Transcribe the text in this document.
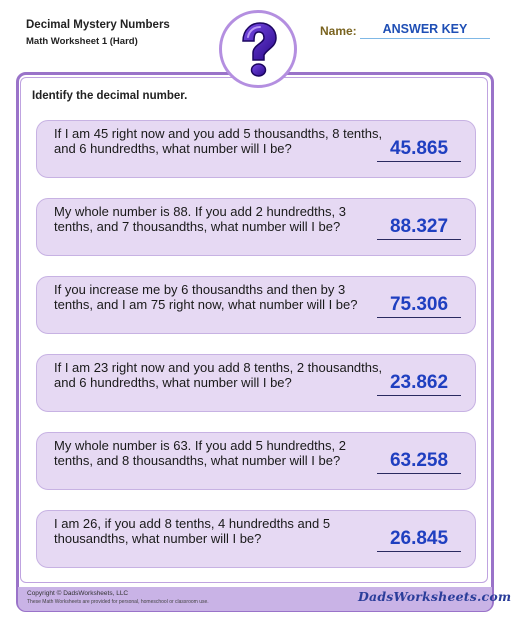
Decimal Mystery Numbers
Math Worksheet 1 (Hard)
Name:	ANSWER KEY
Identify the decimal number.
If I am 45 right now and you add 5 thousandths, 8 tenths, and 6 hundredths, what number will I be?	45.865
My whole number is 88. If you add 2 hundredths, 3 tenths, and 7 thousandths, what number will I be?	88.327
If you increase me by 6 thousandths and then by 3 tenths, and I am 75 right now, what number will I be?	75.306
If I am 23 right now and you add 8 tenths, 2 thousandths, and 6 hundredths, what number will I be?	23.862
My whole number is 63. If you add 5 hundredths, 2 tenths, and 8 thousandths, what number will I be?	63.258
I am 26, if you add 8 tenths, 4 hundredths and 5 thousandths, what number will I be?	26.845
Copyright © DadsWorksheets, LLC
These Math Worksheets are provided for personal, homeschool or classroom use.	DadsWorksheets.com
